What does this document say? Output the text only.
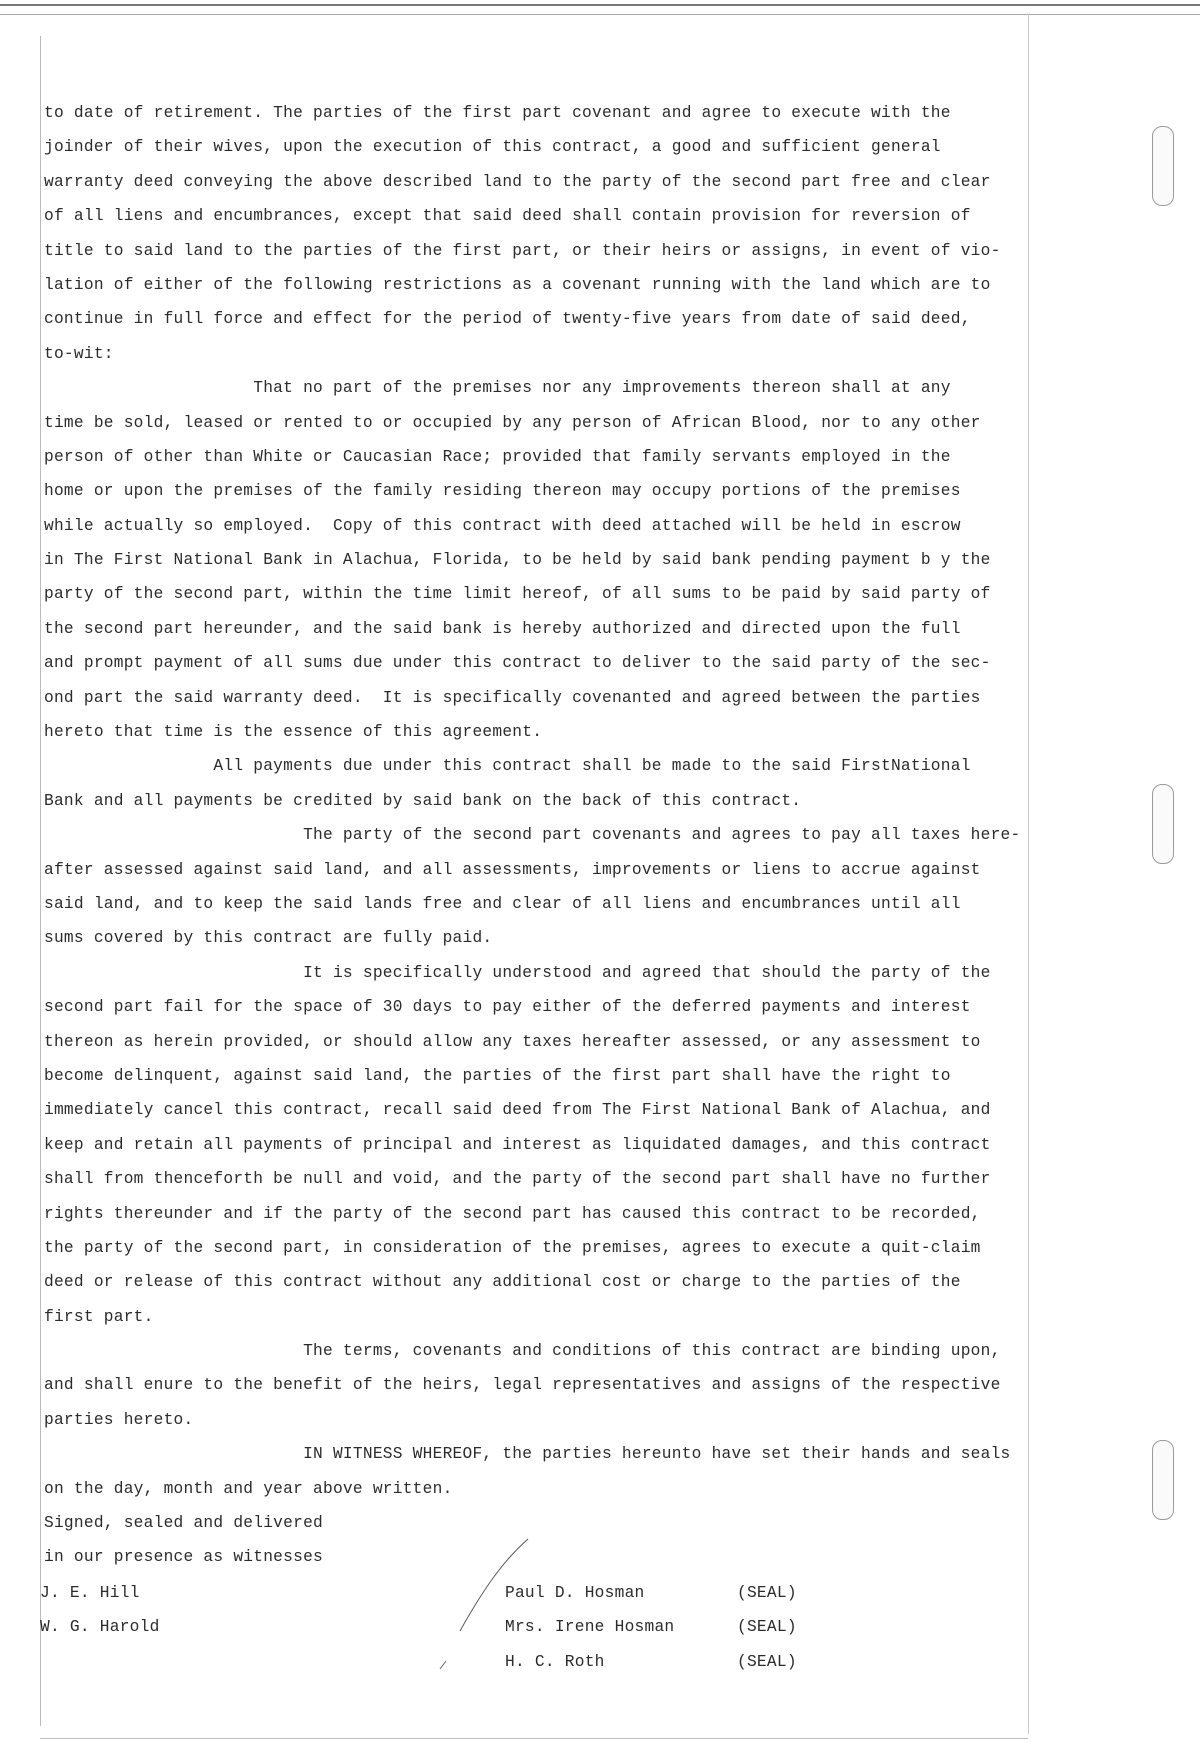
to date of retirement. The parties of the first part covenant and agree to execute with the
joinder of their wives, upon the execution of this contract, a good and sufficient general
warranty deed conveying the above described land to the party of the second part free and clear
of all liens and encumbrances, except that said deed shall contain provision for reversion of
title to said land to the parties of the first part, or their heirs or assigns, in event of vio-
lation of either of the following restrictions as a covenant running with the land which are to
continue in full force and effect for the period of twenty-five years from date of said deed,
to-wit:
That no part of the premises nor any improvements thereon shall at any
time be sold, leased or rented to or occupied by any person of African Blood, nor to any other
person of other than White or Caucasian Race; provided that family servants employed in the
home or upon the premises of the family residing thereon may occupy portions of the premises
while actually so employed.  Copy of this contract with deed attached will be held in escrow
in The First National Bank in Alachua, Florida, to be held by said bank pending payment b y the
party of the second part, within the time limit hereof, of all sums to be paid by said party of
the second part hereunder, and the said bank is hereby authorized and directed upon the full
and prompt payment of all sums due under this contract to deliver to the said party of the sec-
ond part the said warranty deed.  It is specifically covenanted and agreed between the parties
hereto that time is the essence of this agreement.
All payments due under this contract shall be made to the said FirstNational
Bank and all payments be credited by said bank on the back of this contract.
The party of the second part covenants and agrees to pay all taxes here-
after assessed against said land, and all assessments, improvements or liens to accrue against
said land, and to keep the said lands free and clear of all liens and encumbrances until all
sums covered by this contract are fully paid.
It is specifically understood and agreed that should the party of the
second part fail for the space of 30 days to pay either of the deferred payments and interest
thereon as herein provided, or should allow any taxes hereafter assessed, or any assessment to
become delinquent, against said land, the parties of the first part shall have the right to
immediately cancel this contract, recall said deed from The First National Bank of Alachua, and
keep and retain all payments of principal and interest as liquidated damages, and this contract
shall from thenceforth be null and void, and the party of the second part shall have no further
rights thereunder and if the party of the second part has caused this contract to be recorded,
the party of the second part, in consideration of the premises, agrees to execute a quit-claim
deed or release of this contract without any additional cost or charge to the parties of the
first part.
The terms, covenants and conditions of this contract are binding upon,
and shall enure to the benefit of the heirs, legal representatives and assigns of the respective
parties hereto.
IN WITNESS WHEREOF, the parties hereunto have set their hands and seals
on the day, month and year above written.
Signed, sealed and delivered
in our presence as witnesses
J. E. Hill
W. G. Harold
Paul D. Hosman	(SEAL)
Mrs. Irene Hosman	(SEAL)
H. C. Roth	(SEAL)
